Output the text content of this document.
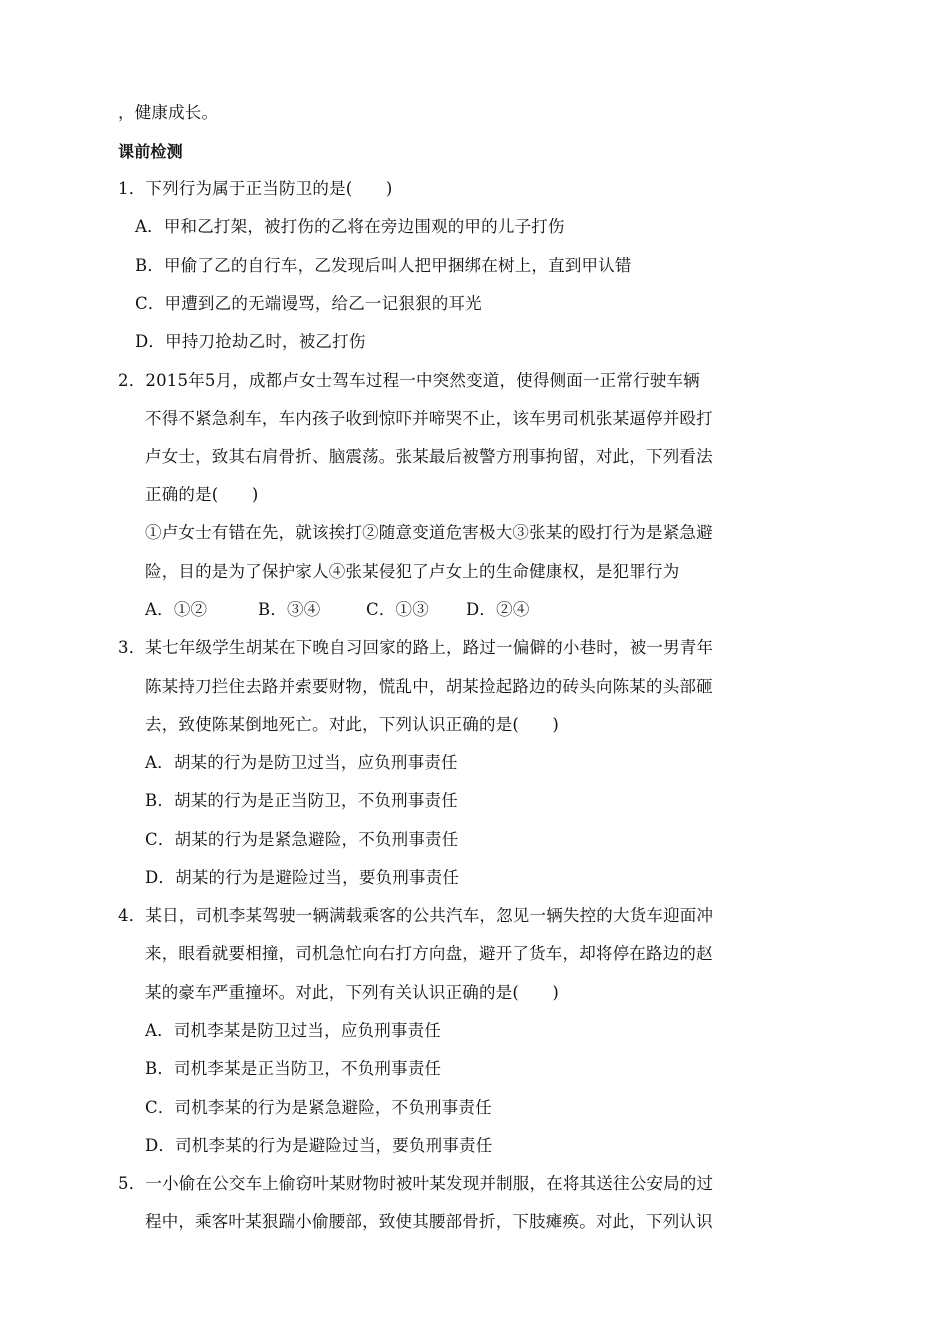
，健康成长。
课前检测
1．下列行为属于正当防卫的是(　　)
A．甲和乙打架，被打伤的乙将在旁边围观的甲的儿子打伤
B．甲偷了乙的自行车，乙发现后叫人把甲捆绑在树上，直到甲认错
C．甲遭到乙的无端谩骂，给乙一记狠狠的耳光
D．甲持刀抢劫乙时，被乙打伤
2．2015年5月，成都卢女士驾车过程一中突然变道，使得侧面一正常行驶车辆
不得不紧急刹车，车内孩子收到惊吓并啼哭不止，该车男司机张某逼停并殴打
卢女士，致其右肩骨折、脑震荡。张某最后被警方刑事拘留，对此，下列看法
正确的是(　　)
①卢女士有错在先，就该挨打②随意变道危害极大③张某的殴打行为是紧急避
险，目的是为了保护家人④张某侵犯了卢女上的生命健康权，是犯罪行为
A．①②	B．③④	C．①③ D．②④
3．某七年级学生胡某在下晚自习回家的路上，路过一偏僻的小巷时，被一男青年
陈某持刀拦住去路并索要财物，慌乱中，胡某捡起路边的砖头向陈某的头部砸
去，致使陈某倒地死亡。对此，下列认识正确的是(　　)
A．胡某的行为是防卫过当，应负刑事责任
B．胡某的行为是正当防卫，不负刑事责任
C．胡某的行为是紧急避险，不负刑事责任
D．胡某的行为是避险过当，要负刑事责任
4．某日，司机李某驾驶一辆满载乘客的公共汽车，忽见一辆失控的大货车迎面冲
来，眼看就要相撞，司机急忙向右打方向盘，避开了货车，却将停在路边的赵
某的豪车严重撞坏。对此，下列有关认识正确的是(　　)
A．司机李某是防卫过当，应负刑事责任
B．司机李某是正当防卫，不负刑事责任
C．司机李某的行为是紧急避险，不负刑事责任
D．司机李某的行为是避险过当，要负刑事责任
5．一小偷在公交车上偷窃叶某财物时被叶某发现并制服，在将其送往公安局的过
程中，乘客叶某狠踹小偷腰部，致使其腰部骨折，下肢瘫痪。对此，下列认识
